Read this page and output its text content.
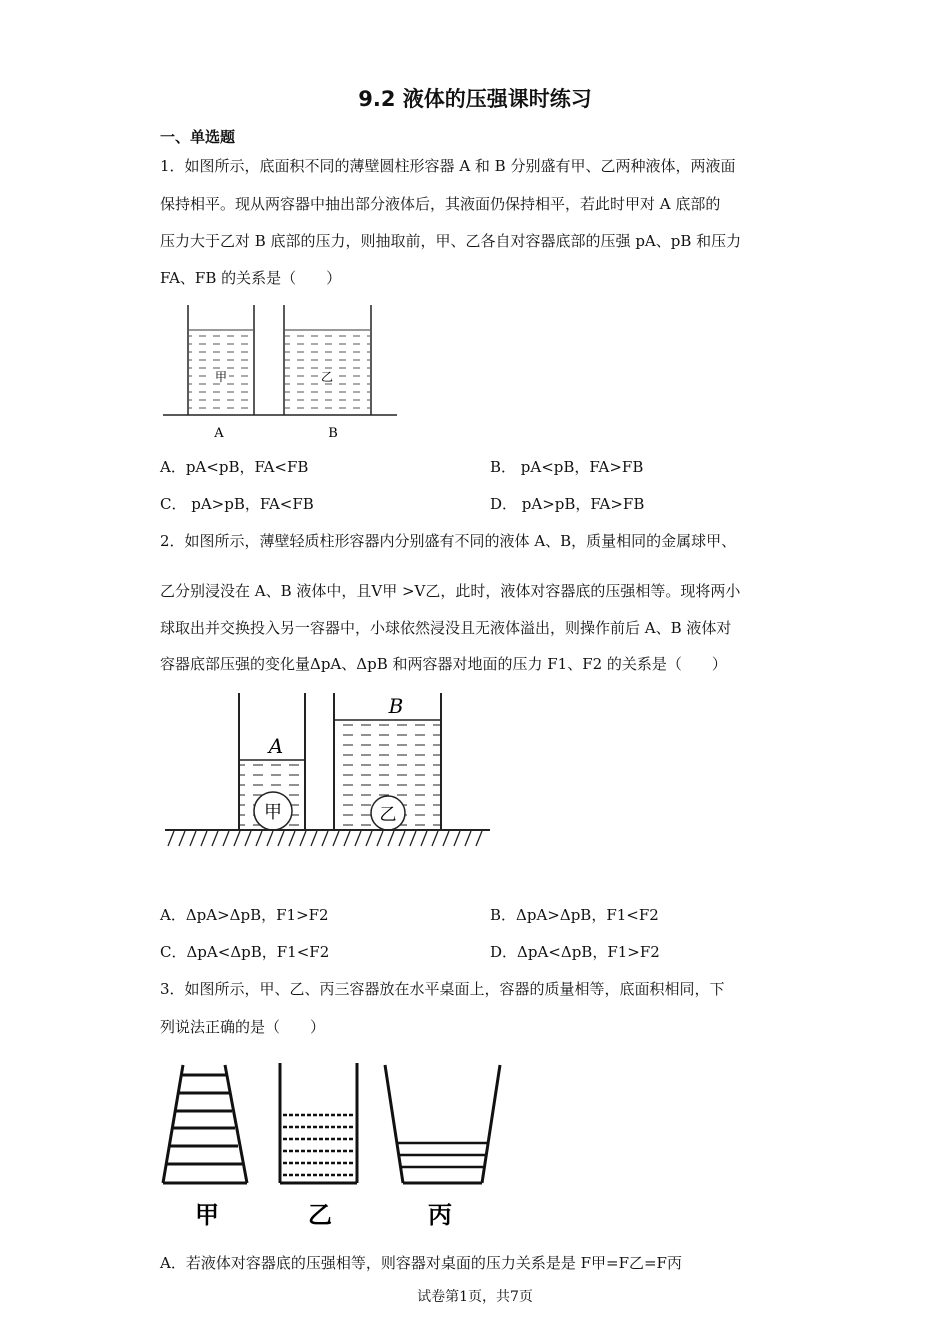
9.2 液体的压强课时练习
一、单选题
1．如图所示，底面积不同的薄壁圆柱形容器 A 和 B 分别盛有甲、乙两种液体，两液面
保持相平。现从两容器中抽出部分液体后，其液面仍保持相平，若此时甲对 A 底部的
压力大于乙对 B 底部的压力，则抽取前，甲、乙各自对容器底部的压强 pA、pB 和压力
FA、FB 的关系是（　　）
甲	乙
A	B
A．pA<pB，FA<FB	B． pA<pB，FA>FB
C． pA>pB，FA<FB	D． pA>pB，FA>FB
2．如图所示，薄壁轻质柱形容器内分别盛有不同的液体 A、B，质量相同的金属球甲、
乙分别浸没在 A、B 液体中，且V甲 >V乙，此时，液体对容器底的压强相等。现将两小
球取出并交换投入另一容器中，小球依然浸没且无液体溢出，则操作前后 A、B 液体对
容器底部压强的变化量ΔpA、ΔpB 和两容器对地面的压力 F1、F2 的关系是（　　）
甲	乙
A
B
A．ΔpA>ΔpB，F1>F2	B．ΔpA>ΔpB，F1<F2
C．ΔpA<ΔpB，F1<F2	D．ΔpA<ΔpB，F1>F2
3．如图所示，甲、乙、丙三容器放在水平桌面上，容器的质量相等，底面积相同，下
列说法正确的是（　　）
甲	乙	丙
A．若液体对容器底的压强相等，则容器对桌面的压力关系是是 F甲=F乙=F丙
试卷第1页，共7页
